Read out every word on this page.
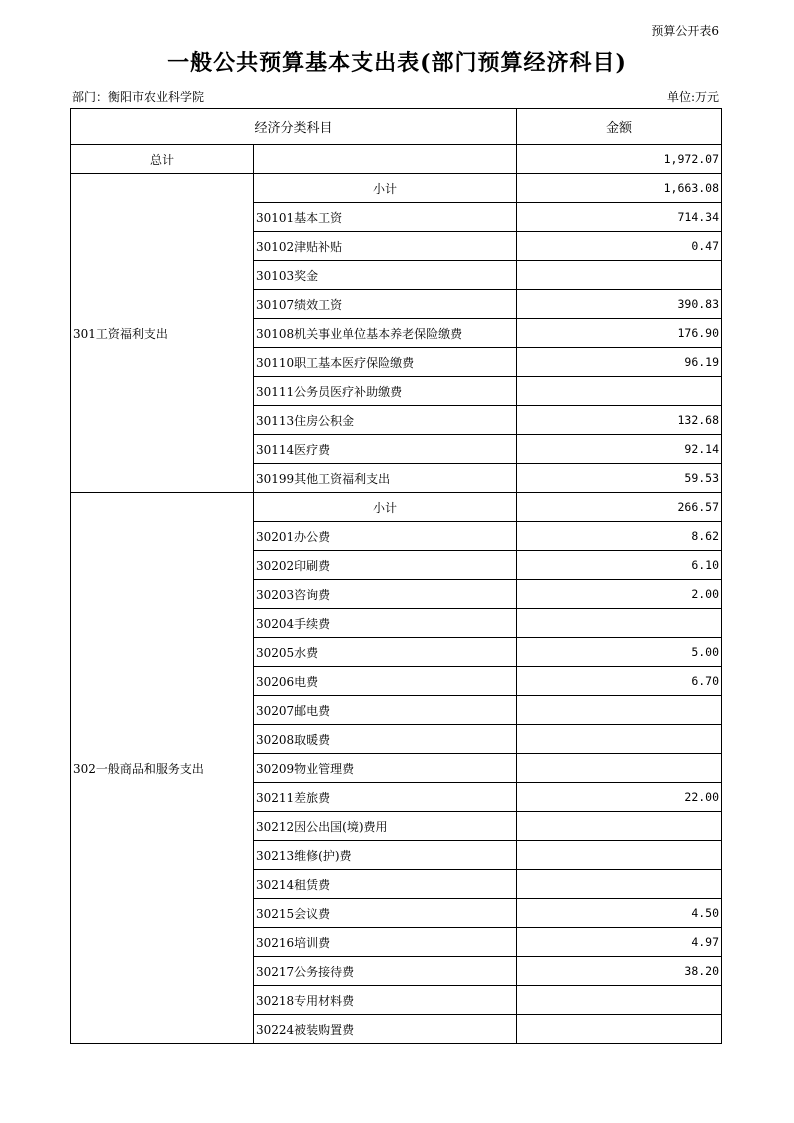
预算公开表6
一般公共预算基本支出表(部门预算经济科目)
部门：衡阳市农业科学院	单位:万元
经济分类科目		金额
总计		1,972.07
301工资福利支出	小计	1,663.08
	30101基本工资	714.34
	30102津贴补贴	0.47
	30103奖金	
	30107绩效工资	390.83
	30108机关事业单位基本养老保险缴费	176.90
	30110职工基本医疗保险缴费	96.19
	30111公务员医疗补助缴费	
	30113住房公积金	132.68
	30114医疗费	92.14
	30199其他工资福利支出	59.53
302一般商品和服务支出	小计	266.57
	30201办公费	8.62
	30202印刷费	6.10
	30203咨询费	2.00
	30204手续费	
	30205水费	5.00
	30206电费	6.70
	30207邮电费	
	30208取暖费	
	30209物业管理费	
	30211差旅费	22.00
	30212因公出国(境)费用	
	30213维修(护)费	
	30214租赁费	
	30215会议费	4.50
	30216培训费	4.97
	30217公务接待费	38.20
	30218专用材料费	
	30224被装购置费	
